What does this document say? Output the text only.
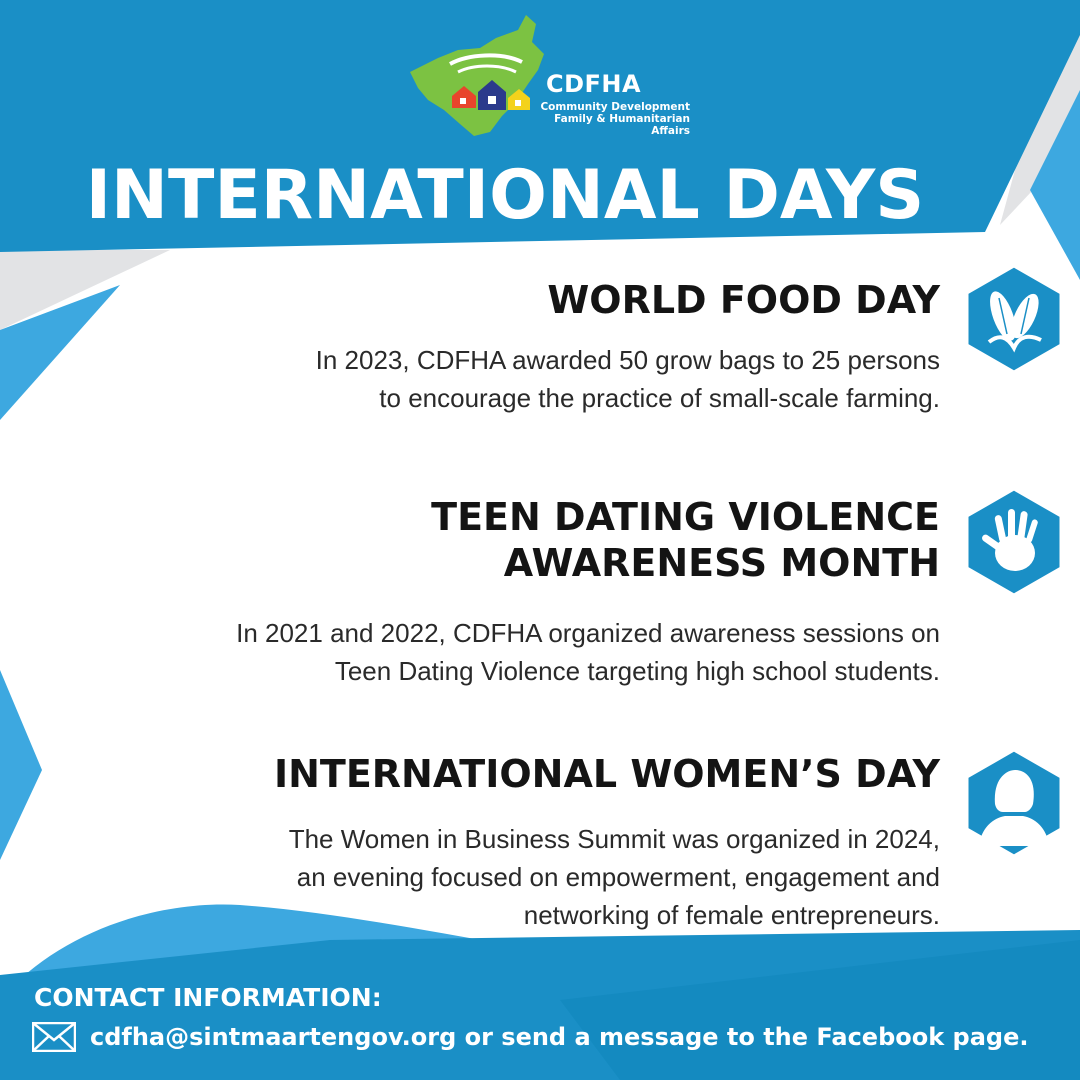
CDFHA
Community Development
Family & Humanitarian Affairs
INTERNATIONAL DAYS
WORLD FOOD DAY
In 2023, CDFHA awarded 50 grow bags to 25 persons
to encourage the practice of small-scale farming.
TEEN DATING VIOLENCE
AWARENESS MONTH
In 2021 and 2022, CDFHA organized awareness sessions on
Teen Dating Violence targeting high school students.
INTERNATIONAL WOMEN’S DAY
The Women in Business Summit was organized in 2024,
an evening focused on empowerment, engagement and
networking of female entrepreneurs.
CONTACT INFORMATION:
cdfha@sintmaartengov.org or send a message to the Facebook page.
